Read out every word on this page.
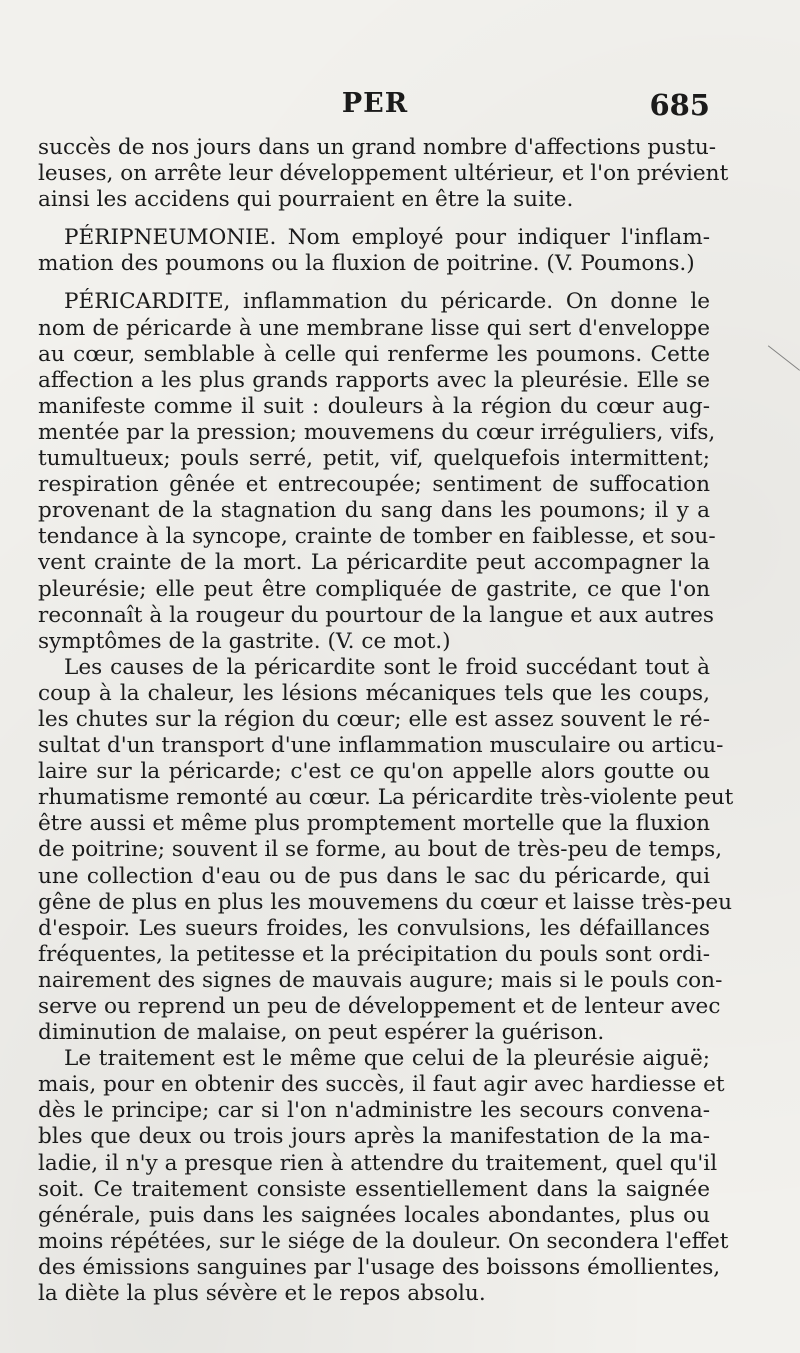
PER	685

succès de nos jours dans un grand nombre d'affections pustu-
leuses, on arrête leur développement ultérieur, et l'on prévient
ainsi les accidens qui pourraient en être la suite.

PÉRIPNEUMONIE. Nom employé pour indiquer l'inflam-
mation des poumons ou la fluxion de poitrine. (V. Poumons.)

PÉRICARDITE, inflammation du péricarde. On donne le
nom de péricarde à une membrane lisse qui sert d'enveloppe
au cœur, semblable à celle qui renferme les poumons. Cette
affection a les plus grands rapports avec la pleurésie. Elle se
manifeste comme il suit : douleurs à la région du cœur aug-
mentée par la pression; mouvemens du cœur irréguliers, vifs,
tumultueux; pouls serré, petit, vif, quelquefois intermittent;
respiration gênée et entrecoupée; sentiment de suffocation
provenant de la stagnation du sang dans les poumons; il y a
tendance à la syncope, crainte de tomber en faiblesse, et sou-
vent crainte de la mort. La péricardite peut accompagner la
pleurésie; elle peut être compliquée de gastrite, ce que l'on
reconnaît à la rougeur du pourtour de la langue et aux autres
symptômes de la gastrite. (V. ce mot.)

Les causes de la péricardite sont le froid succédant tout à
coup à la chaleur, les lésions mécaniques tels que les coups,
les chutes sur la région du cœur; elle est assez souvent le ré-
sultat d'un transport d'une inflammation musculaire ou articu-
laire sur la péricarde; c'est ce qu'on appelle alors goutte ou
rhumatisme remonté au cœur. La péricardite très-violente peut
être aussi et même plus promptement mortelle que la fluxion
de poitrine; souvent il se forme, au bout de très-peu de temps,
une collection d'eau ou de pus dans le sac du péricarde, qui
gêne de plus en plus les mouvemens du cœur et laisse très-peu
d'espoir. Les sueurs froides, les convulsions, les défaillances
fréquentes, la petitesse et la précipitation du pouls sont ordi-
nairement des signes de mauvais augure; mais si le pouls con-
serve ou reprend un peu de développement et de lenteur avec
diminution de malaise, on peut espérer la guérison.

Le traitement est le même que celui de la pleurésie aiguë;
mais, pour en obtenir des succès, il faut agir avec hardiesse et
dès le principe; car si l'on n'administre les secours convena-
bles que deux ou trois jours après la manifestation de la ma-
ladie, il n'y a presque rien à attendre du traitement, quel qu'il
soit. Ce traitement consiste essentiellement dans la saignée
générale, puis dans les saignées locales abondantes, plus ou
moins répétées, sur le siége de la douleur. On secondera l'effet
des émissions sanguines par l'usage des boissons émollientes,
la diète la plus sévère et le repos absolu.
